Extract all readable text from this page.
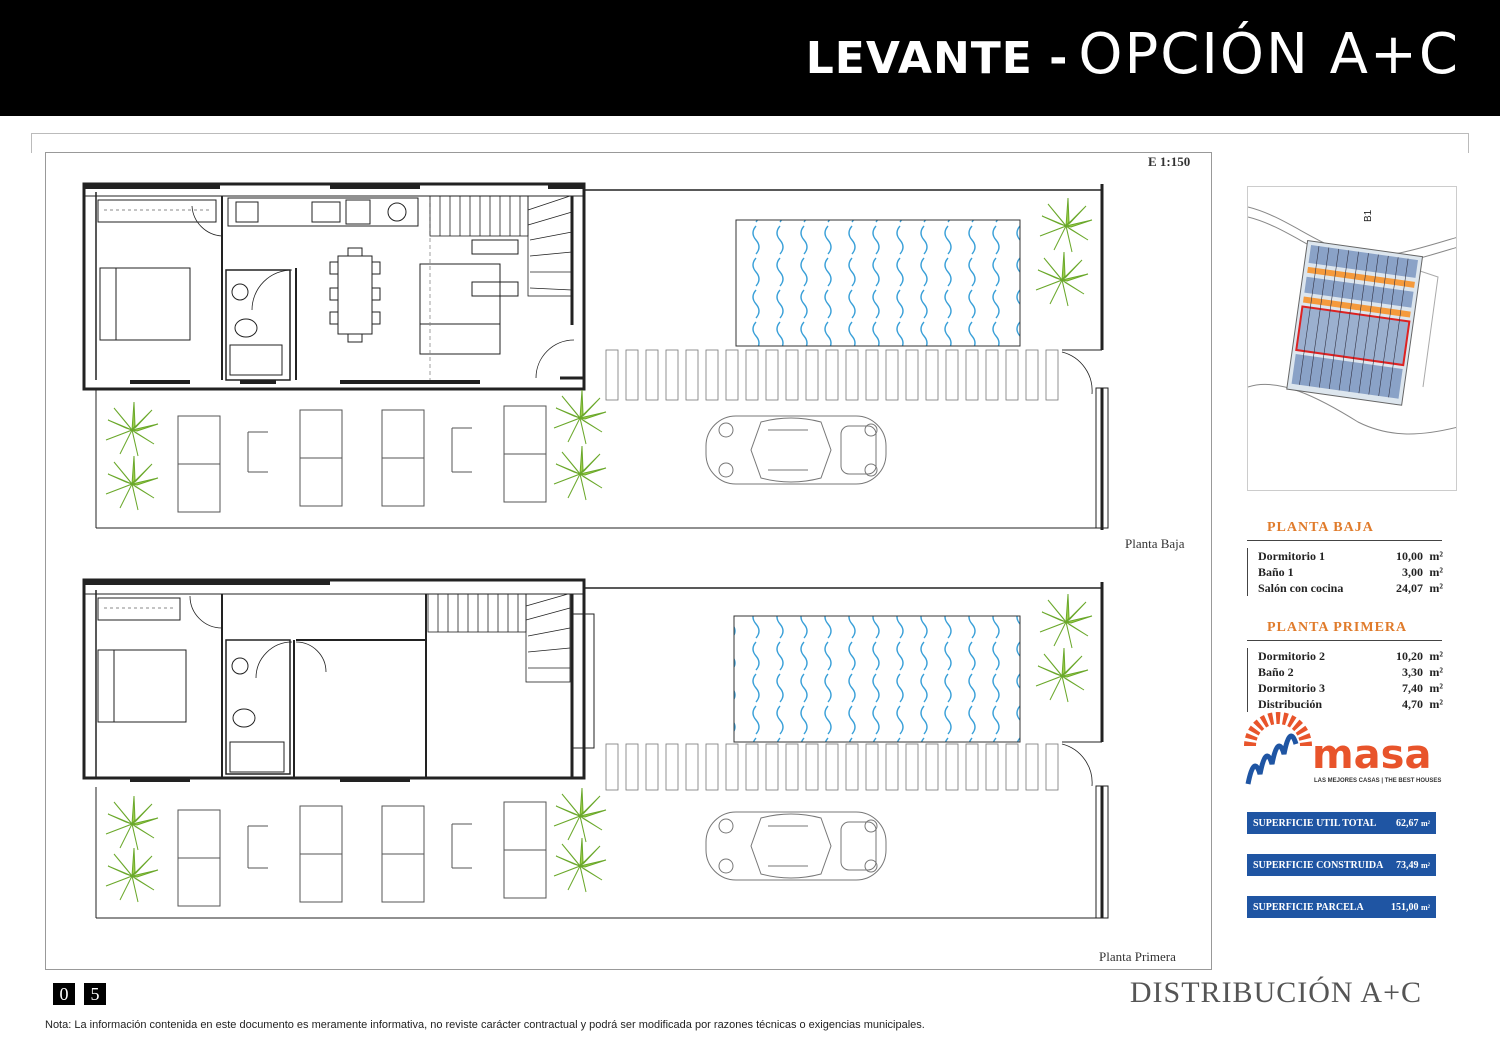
LEVANTE - OPCIÓN A+C
E 1:150
Planta Baja
Planta Primera
B1
PLANTA BAJA
Dormitorio 1	10,00 m²
Baño 1	3,00 m²
Salón con cocina	24,07 m²
PLANTA PRIMERA
Dormitorio 2	10,20 m²
Baño 2	3,30 m²
Dormitorio 3	7,40 m²
Distribución	4,70 m²
masa
LAS MEJORES CASAS | THE BEST HOUSES
SUPERFICIE UTIL TOTAL	62,67
m²
SUPERFICIE CONSTRUIDA	73,49
m²
SUPERFICIE PARCELA	151,00
m²
0	5	DISTRIBUCIÓN A+C
Nota: La información contenida en este documento es meramente informativa, no reviste carácter contractual y podrá ser modificada por razones técnicas o exigencias municipales.
